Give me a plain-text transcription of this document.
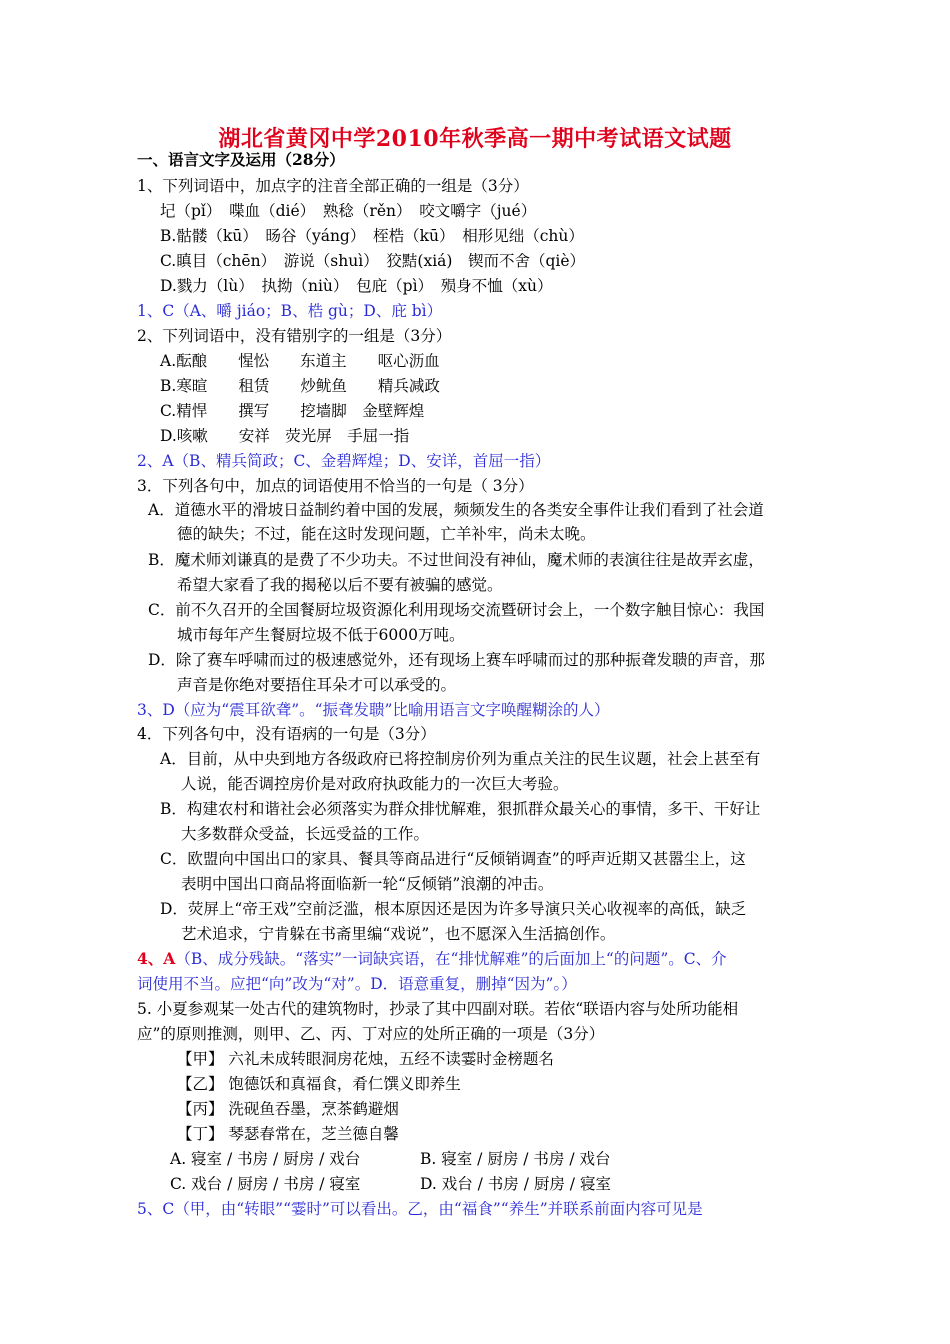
湖北省黄冈中学2010年秋季高一期中考试语文试题
一、语言文字及运用（28分）
1、下列词语中，加点字的注音全部正确的一组是（3分）
圮（pǐ）　喋血（dié）　熟稔（rěn）　咬文嚼字（jué）
B.骷髅（kū）　旸谷（yáng）　桎梏（kū）　相形见绌（chù）
C.瞋目（chēn）　游说（shuì）　狡黠(xiá)　锲而不舍（qiè）
D.戮力（lù）　执拗（niù）　包庇（pì）　殒身不恤（xù）
1、C（A、嚼 jiáo；B、梏 gù；D、庇 bì）
2、下列词语中，没有错别字的一组是（3分）
A.酝酿　　惺忪　　东道主　　呕心沥血
B.寒暄　　租赁　　炒鱿鱼　　精兵减政
C.精悍　　撰写　　挖墙脚　金壁辉煌
D.咳嗽　　安祥　荧光屏　手屈一指
2、A（B、精兵简政；C、金碧辉煌；D、安详，首屈一指）
3．下列各句中，加点的词语使用不恰当的一句是（ 3分）
A．道德水平的滑坡日益制约着中国的发展，频频发生的各类安全事件让我们看到了社会道
德的缺失；不过，能在这时发现问题，亡羊补牢，尚未太晚。
B．魔术师刘谦真的是费了不少功夫。不过世间没有神仙，魔术师的表演往往是故弄玄虚，
希望大家看了我的揭秘以后不要有被骗的感觉。
C．前不久召开的全国餐厨垃圾资源化利用现场交流暨研讨会上，一个数字触目惊心：我国
城市每年产生餐厨垃圾不低于6000万吨。
D．除了赛车呼啸而过的极速感觉外，还有现场上赛车呼啸而过的那种振聋发聩的声音，那
声音是你绝对要捂住耳朵才可以承受的。
3、D（应为“震耳欲聋”。“振聋发聩”比喻用语言文字唤醒糊涂的人）
4．下列各句中，没有语病的一句是（3分）
A．目前，从中央到地方各级政府已将控制房价列为重点关注的民生议题，社会上甚至有
人说，能否调控房价是对政府执政能力的一次巨大考验。
B．构建农村和谐社会必须落实为群众排忧解难，狠抓群众最关心的事情，多干、干好让
大多数群众受益，长远受益的工作。
C．欧盟向中国出口的家具、餐具等商品进行“反倾销调查”的呼声近期又甚嚣尘上，这
表明中国出口商品将面临新一轮“反倾销”浪潮的冲击。
D．荧屏上“帝王戏”空前泛滥，根本原因还是因为许多导演只关心收视率的高低，缺乏
艺术追求，宁肯躲在书斋里编“戏说”，也不愿深入生活搞创作。
4、A（B、成分残缺。“落实”一词缺宾语，在“排忧解难”的后面加上“的问题”。C、介
词使用不当。应把“向”改为“对”。D．语意重复，删掉“因为”。）
5. 小夏参观某一处古代的建筑物时，抄录了其中四副对联。若依“联语内容与处所功能相
应”的原则推测，则甲、乙、丙、丁对应的处所正确的一项是（3分）
【甲】 六礼未成转眼洞房花烛，五经不读霎时金榜题名
【乙】 饱德饫和真福食，肴仁馔义即养生
【丙】 洗砚鱼吞墨，烹茶鹤避烟
【丁】 琴瑟春常在，芝兰德自馨
A. 寝室 / 书房 / 厨房 / 戏台	B. 寝室 / 厨房 / 书房 / 戏台
C. 戏台 / 厨房 / 书房 / 寝室	D. 戏台 / 书房 / 厨房 / 寝室
5、C（甲，由“转眼”“霎时”可以看出。乙，由“福食”“养生”并联系前面内容可见是
